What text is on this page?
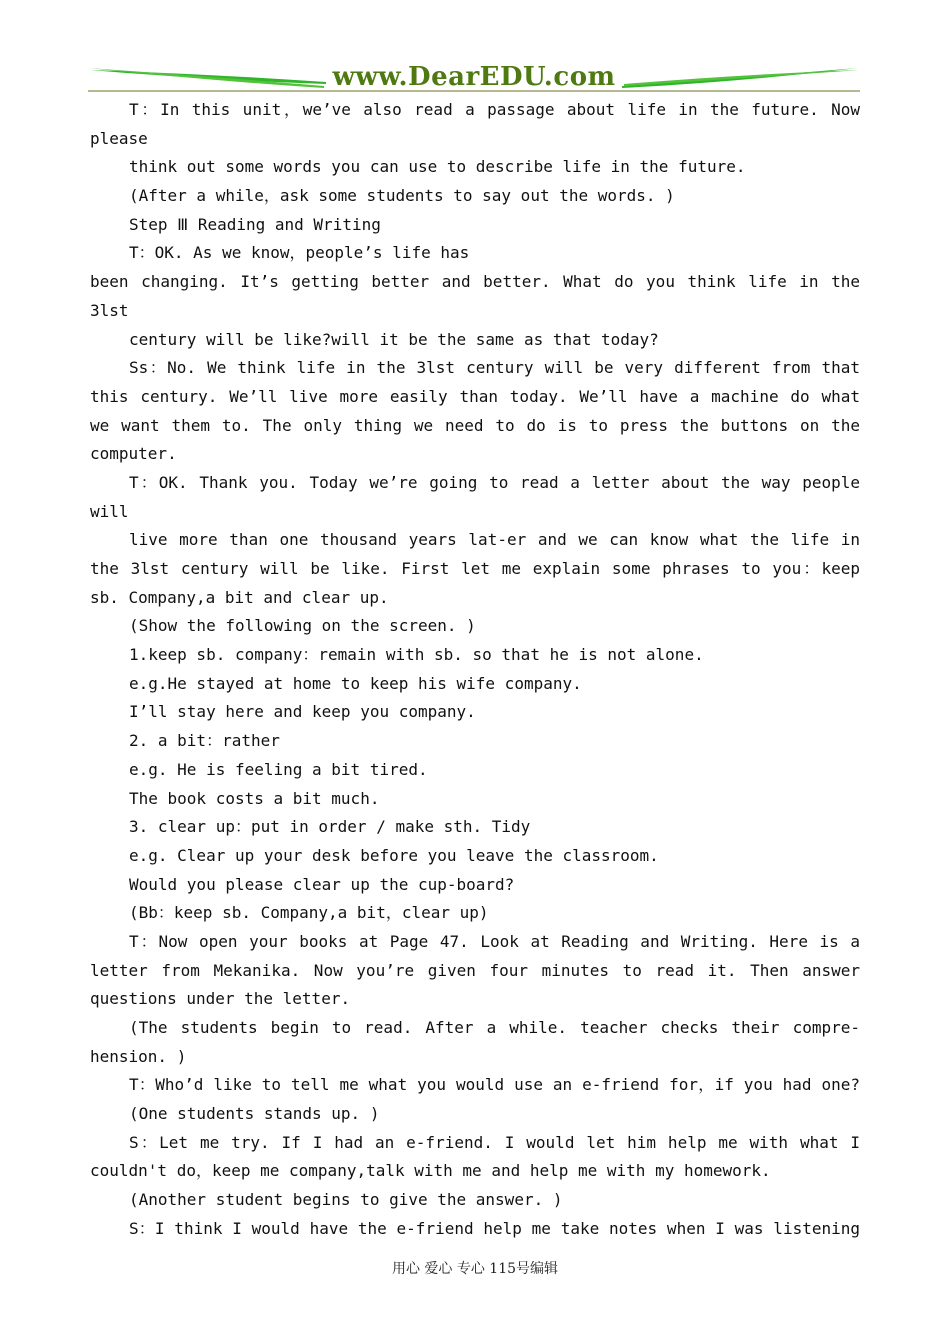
www.DearEDU.com
T：In this unit，we’ve also read a passage about life in the future. Now
please
think out some words you can use to describe life in the future.
(After a while，ask some students to say out the words. )
Step Ⅲ Reading and Writing
T：OK. As we know，people’s life has
been changing. It’s getting better and better. What do you think life in the
3lst
century will be like?will it be the same as that today?
Ss：No. We think life in the 3lst century will be very different from that
this century. We’ll live more easily than today. We’ll have a machine do what
we want them to. The only thing we need to do is to press the buttons on the
computer.
T：OK. Thank you. Today we’re going to read a letter about the way people
will
live more than one thousand years lat-er and we can know what the life in
the 3lst century will be like. First let me explain some phrases to you：keep
sb. Company,a bit and clear up.
(Show the following on the screen. )
1.keep sb. company：remain with sb. so that he is not alone.
e.g.He stayed at home to keep his wife company.
I’ll stay here and keep you company.
2. a bit：rather
e.g. He is feeling a bit tired.
The book costs a bit much.
3. clear up：put in order / make sth. Tidy
e.g. Clear up your desk before you leave the classroom.
Would you please clear up the cup-board?
(Bb：keep sb. Company,a bit，clear up)
T：Now open your books at Page 47. Look at Reading and Writing. Here is a
letter from Mekanika. Now you’re given four minutes to read it. Then answer
questions under the letter.
(The students begin to read. After a while. teacher checks their compre-
hension. )
T：Who’d like to tell me what you would use an e-friend for，if you had one?
(One students stands up. )
S：Let me try. If I had an e-friend. I would let him help me with what I
couldn't do，keep me company,talk with me and help me with my homework.
(Another student begins to give the answer. )
S：I think I would have the e-friend help me take notes when I was listening
用心 爱心 专心 115号编辑
